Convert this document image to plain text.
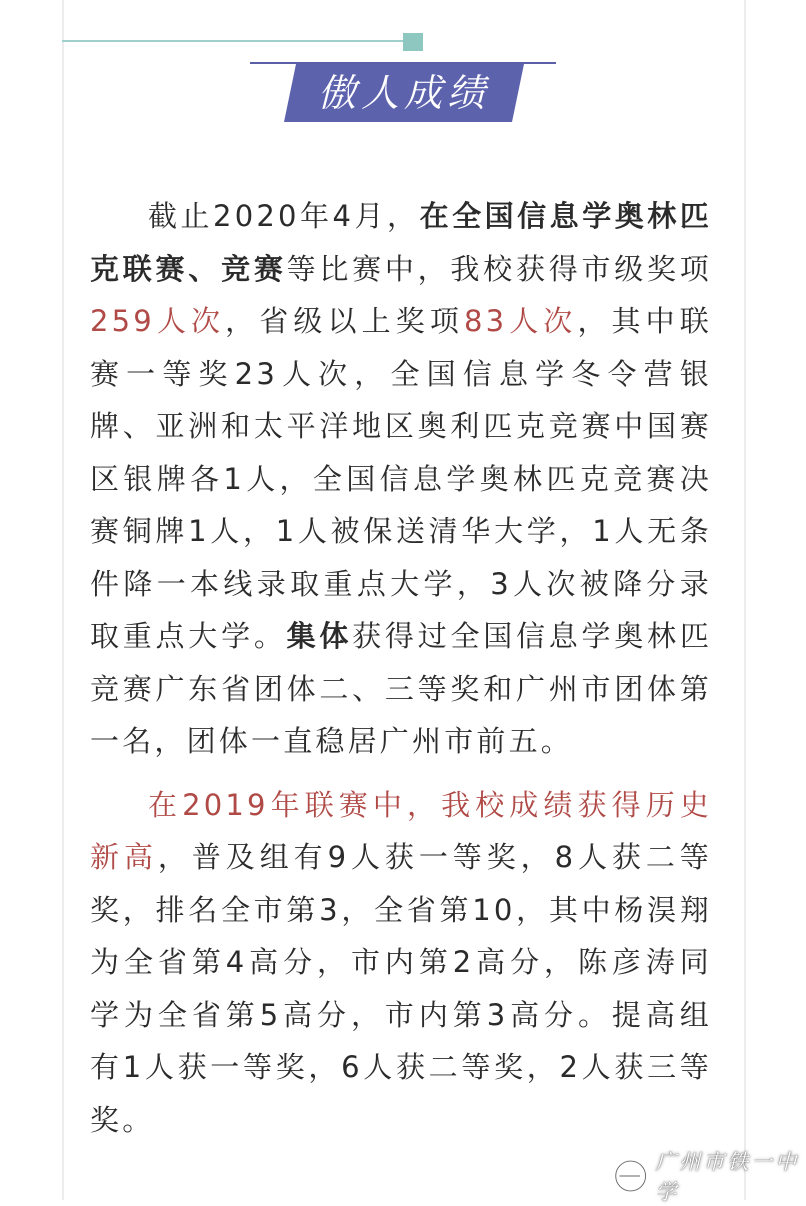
傲人成绩

截止2020年4月，在全国信息学奥林匹克联赛、竞赛等比赛中，我校获得市级奖项259人次，省级以上奖项83人次，其中联赛一等奖23人次，全国信息学冬令营银牌、亚洲和太平洋地区奥利匹克竞赛中国赛区银牌各1人，全国信息学奥林匹克竞赛决赛铜牌1人，1人被保送清华大学，1人无条件降一本线录取重点大学，3人次被降分录取重点大学。集体获得过全国信息学奥林匹竞赛广东省团体二、三等奖和广州市团体第一名，团体一直稳居广州市前五。

在2019年联赛中，我校成绩获得历史新高，普及组有9人获一等奖，8人获二等奖，排名全市第3，全省第10，其中杨淏翔为全省第4高分，市内第2高分，陈彦涛同学为全省第5高分，市内第3高分。提高组有1人获一等奖，6人获二等奖，2人获三等奖。

广州市铁一中学
